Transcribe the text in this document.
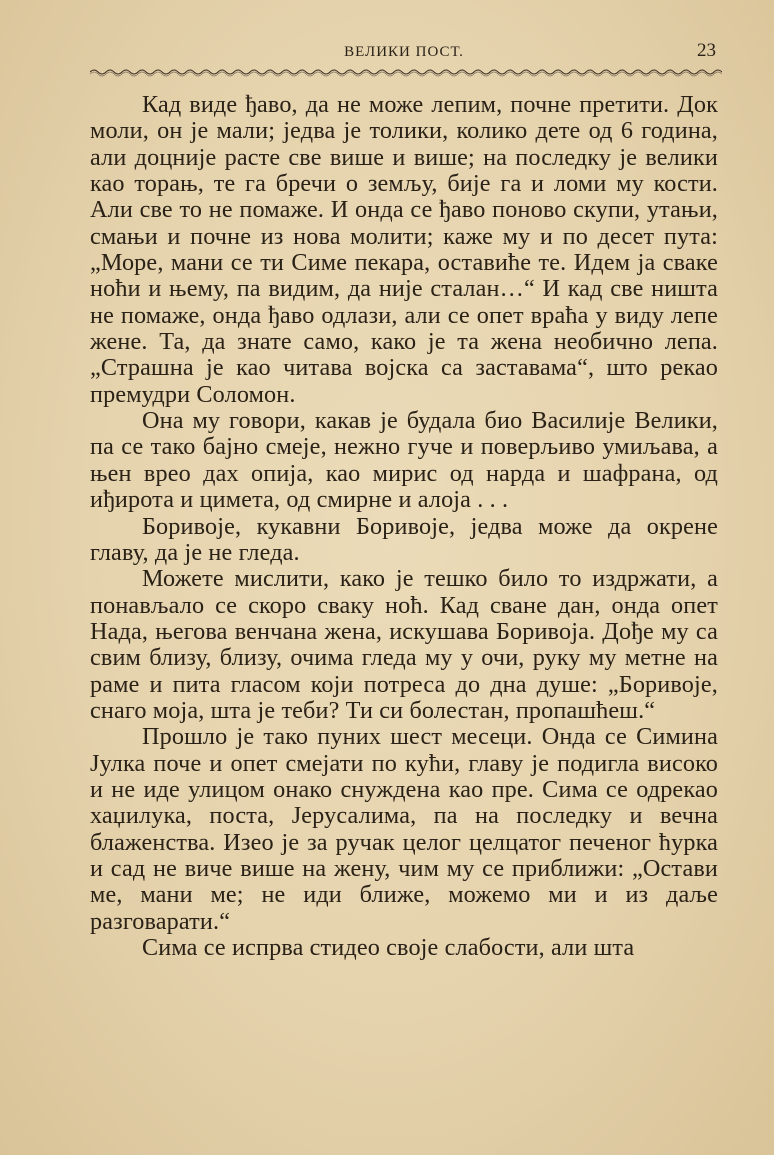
ВЕЛИКИ ПОСТ.	23

Кад виде ђаво, да не може лепим, почне претити. Док моли, он је мали; једва је толики, колико дете од 6 година, али доцније расте све више и више; на последку је велики као торањ, те га бречи о земљу, бије га и ломи му кости. Али све то не помаже. И онда се ђаво поново скупи, утањи, смањи и почне из нова молити; каже му и по десет пута: „Море, мани се ти Симе пекара, оставиће те. Идем ја сваке ноћи и њему, па видим, да није сталан…“ И кад све ништа не помаже, онда ђаво одлази, али се опет враћа у виду лепе жене. Та, да знате само, како је та жена необично лепа. „Страшна је као читава војска са заставама“, што рекао премудри Соломон.

Она му говори, какав је будала био Василије Велики, па се тако бајно смеје, нежно гуче и поверљиво умиљава, а њен врео дах опија, као мирис од нарда и шафрана, од иђирота и цимета, од смирне и алоја . . .

Боривоје, кукавни Боривоје, једва може да окрене главу, да је не гледа.

Можете мислити, како је тешко било то издржати, а понављало се скоро сваку ноћ. Кад сване дан, онда опет Нада, његова венчана жена, искушава Боривоја. Дође му са свим близу, близу, очима гледа му у очи, руку му метне на раме и пита гласом који потреса до дна душе: „Боривоје, снаго моја, шта је теби? Ти си болестан, пропашћеш.“

Прошло је тако пуних шест месеци. Онда се Симина Јулка поче и опет смејати по кући, главу је подигла високо и не иде улицом онако снуждена као пре. Сима се одрекао хаџилука, поста, Јерусалима, па на последку и вечна блаженства. Изео је за ручак целог целцатог печеног ћурка и сад не виче више на жену, чим му се приближи: „Остави ме, мани ме; не иди ближе, можемо ми и из даље разговарати.“

Сима се испрва стидео своје слабости, али шта
